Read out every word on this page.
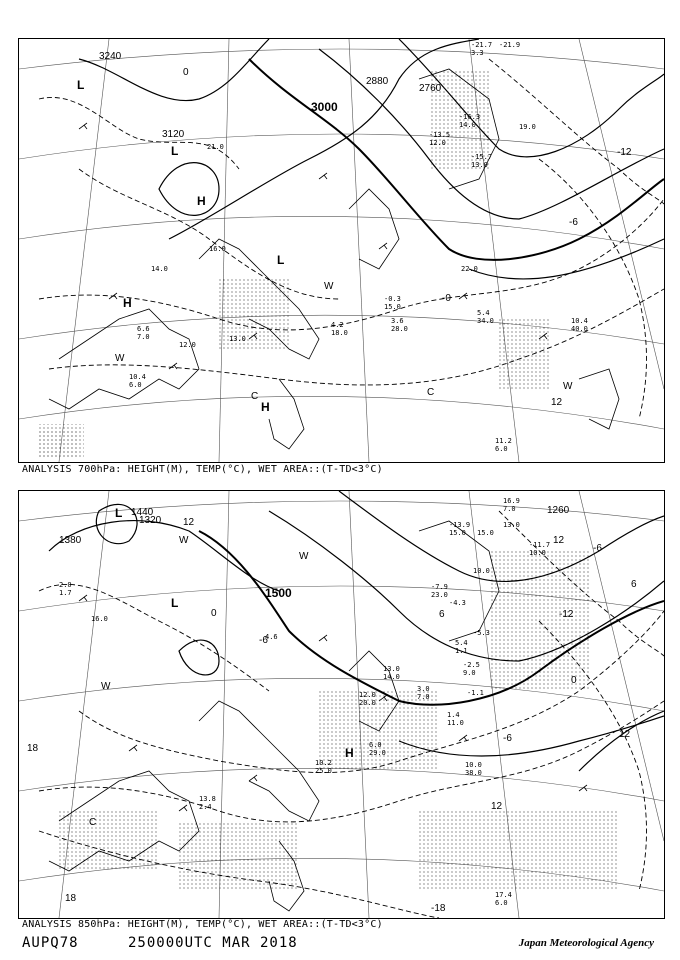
3240
3120
3000
2880
2760
0
-12
-6
-0
12
L
L
H
L
H
C	C
W
W
W
H
21.0
16.0
14.0
6.6
7.0
12.0
13.0
10.4
6.0
-0.3
15.0
3.6
28.0
4.2
18.0
5.4
34.0	10.4
40.0
11.2
6.0
-13.5
12.0
-15.7
13.0
-16.3
14.0
22.0
19.0
-21.7
3.3
-21.9
ANALYSIS 700hPa: HEIGHT(M), TEMP(°C), WET AREA::(T-TD<3°C)
1440
1380
1320
1500
1260
12
0
-6
6
-12
6
0
-6
12
18
18
-18
12
-6
12
L
L
H
W
W
W
C
16.9
7.0
13.0
15.0
10.0
38.0
17.4
6.0
13.8
2.4
10.2
25.0
6.0
29.0
1.4
11.0
3.0
7.0
12.0
20.0
-7.9
23.0
-4.3
-5.3
-2.5
9.0
13.0
14.0
5.4
1.1
-1.1
10.0
4.6
-11.7
10.0
-13.9
15.0
16.0
2.0
1.7
ANALYSIS 850hPa: HEIGHT(M), TEMP(°C), WET AREA::(T-TD<3°C)
AUPQ78	250000UTC MAR 2018	Japan Meteorological Agency
